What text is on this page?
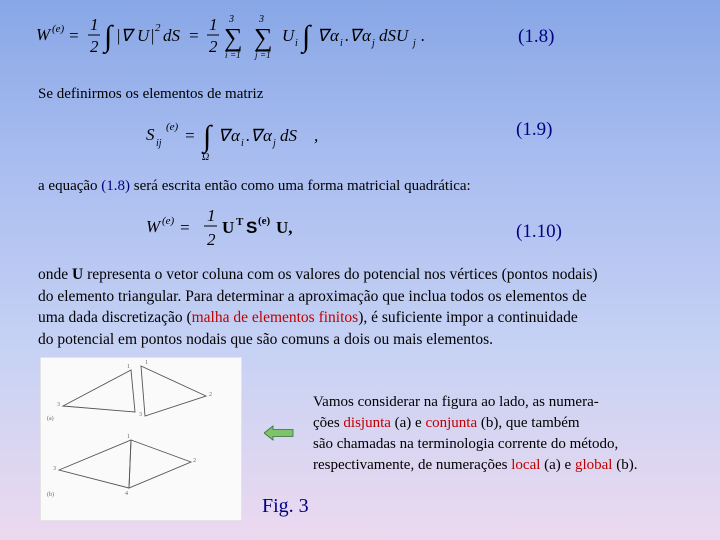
W (e) =
1
2 ∫ |∇ U | 2 dS =
1
2 ∑
3
i =1
∑
3
j =1
U i ∫ ∇ α i .∇ α j dSU j .	(1.8)
Se definirmos os elementos de matriz
S ij
(e) = ∫
Ω
∇ α i .∇ α j dS ,	(1.9)
a equação (1.8) será escrita então como uma forma matricial quadrática:
W (e) =
1
2
U T S (e) U,	(1.10)
onde U representa o vetor coluna com os valores do potencial nos vértices (pontos nodais)
do elemento triangular. Para determinar a aproximação que inclua todos os elementos de
uma dada discretização (malha de elementos finitos), é suficiente impor a continuidade
do potencial em pontos nodais que são comuns a dois ou mais elementos.
3
1
1
2
3
(a)
3
1
2
4
(b)
Vamos considerar na figura ao lado, as numera-
ções disjunta (a) e conjunta (b), que também
são chamadas na terminologia corrente do método,
respectivamente, de numerações local (a) e global (b).
Fig. 3
